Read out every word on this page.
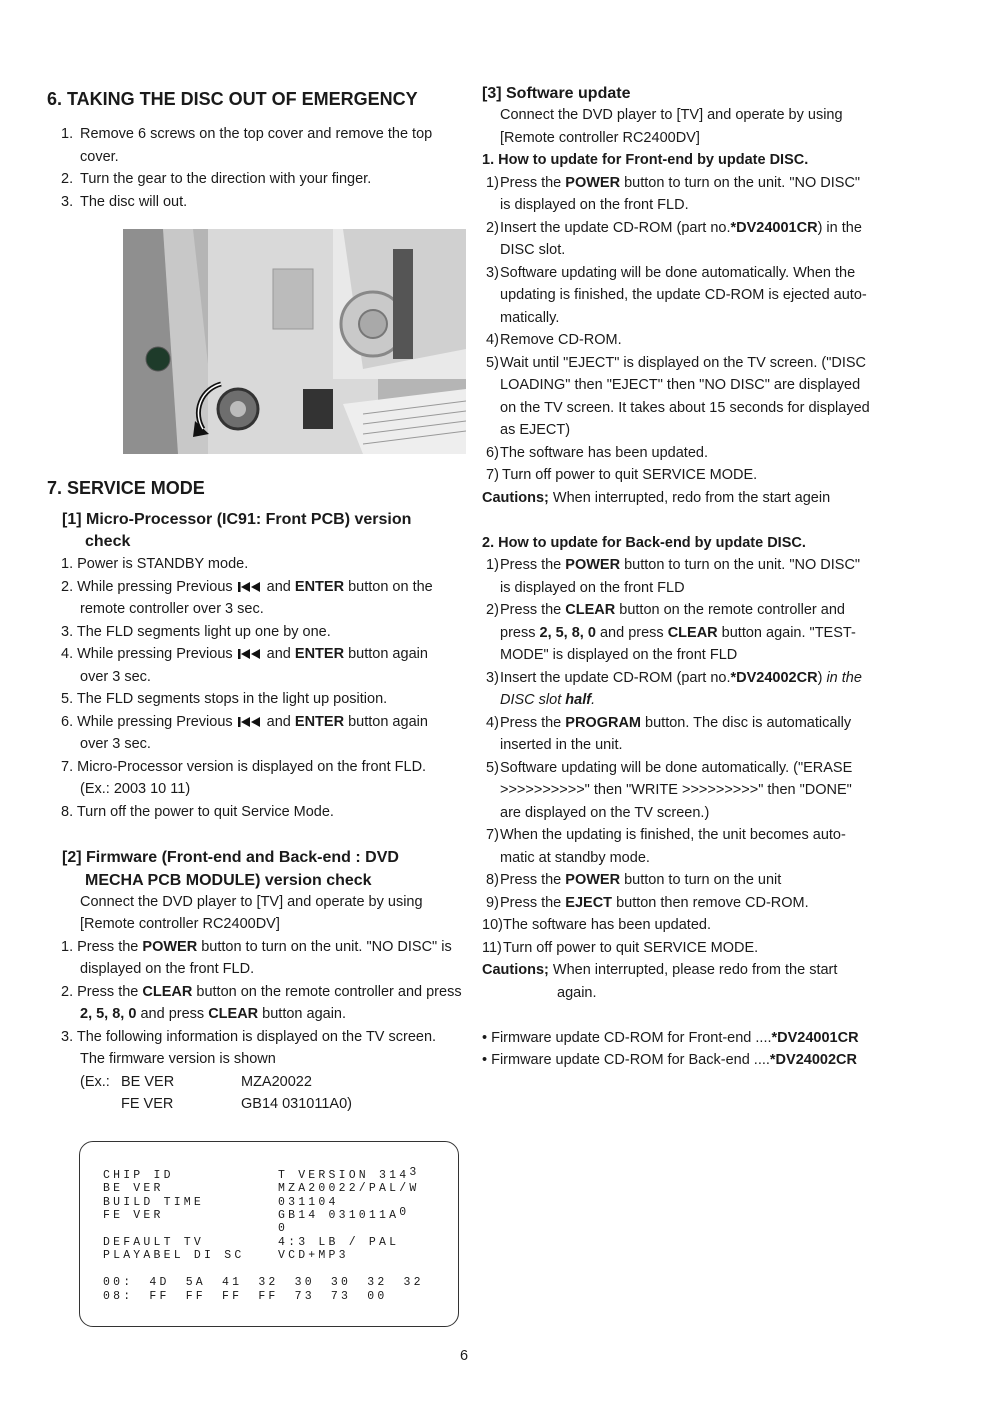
6. TAKING THE DISC OUT OF EMERGENCY
1. Remove 6 screws on the top cover and remove the top
cover.
2. Turn the gear to the direction with your finger.
3. The disc will out.
7. SERVICE MODE
[1] Micro-Processor (IC91: Front PCB) version
check
1. Power is STANDBY mode.
2. While pressing Previous and ENTER button on the
remote controller over 3 sec.
3. The FLD segments light up one by one.
4. While pressing Previous and ENTER button again
over 3 sec.
5. The FLD segments stops in the light up position.
6. While pressing Previous and ENTER button again
over 3 sec.
7. Micro-Processor version is displayed on the front FLD.
(Ex.: 2003 10 11)
8. Turn off the power to quit Service Mode.
[2] Firmware (Front-end and Back-end : DVD
MECHA PCB MODULE) version check
Connect the DVD player to [TV] and operate by using
[Remote controller RC2400DV]
1. Press the POWER button to turn on the unit. "NO DISC" is
displayed on the front FLD.
2. Press the CLEAR button on the remote controller and press
2, 5, 8, 0 and press CLEAR button again.
3. The following information is displayed on the TV screen.
The firmware version is shown
(Ex.: BE VER	MZA20022
FE VER	GB14 031011A0)
CHIP ID	T VERSION 3143
BE VER	MZA20022/PAL/W
BUILD TIME	031104
FE VER	GB14 031011A0
0
DEFAULT TV	4:3 LB / PAL
PLAYABEL DI SC	VCD+MP3
00: 4D 5A 41 32 30 30 32 32
08: FF FF FF FF 73 73 00
[3] Software update
Connect the DVD player to [TV] and operate by using
[Remote controller RC2400DV]
1. How to update for Front-end by update DISC.
1) Press the POWER button to turn on the unit. "NO DISC"
is displayed on the front FLD.
2) Insert the update CD-ROM (part no.*DV24001CR) in the
DISC slot.
3) Software updating will be done automatically. When the
updating is finished, the update CD-ROM is ejected auto-
matically.
4) Remove CD-ROM.
5) Wait until "EJECT" is displayed on the TV screen. ("DISC
LOADING" then "EJECT" then "NO DISC" are displayed
on the TV screen. It takes about 15 seconds for displayed
as EJECT)
6) The software has been updated.
7) Turn off power to quit SERVICE MODE.
Cautions; When interrupted, redo from the start agein
2. How to update for Back-end by update DISC.
1) Press the POWER button to turn on the unit. "NO DISC"
is displayed on the front FLD
2) Press the CLEAR button on the remote controller and
press 2, 5, 8, 0 and press CLEAR button again. "TEST-
MODE" is displayed on the front FLD
3) Insert the update CD-ROM (part no.*DV24002CR) in the
DISC slot half.
4) Press the PROGRAM button. The disc is automatically
inserted in the unit.
5) Software updating will be done automatically. ("ERASE
>>>>>>>>>>" then "WRITE >>>>>>>>>" then "DONE"
are displayed on the TV screen.)
7) When the updating is finished, the unit becomes auto-
matic at standby mode.
8) Press the POWER button to turn on the unit
9) Press the EJECT button then remove CD-ROM.
10) The software has been updated.
11) Turn off power to quit SERVICE MODE.
Cautions; When interrupted, please redo from the start
again.
• Firmware update CD-ROM for Front-end ....*DV24001CR
• Firmware update CD-ROM for Back-end ....*DV24002CR
6
